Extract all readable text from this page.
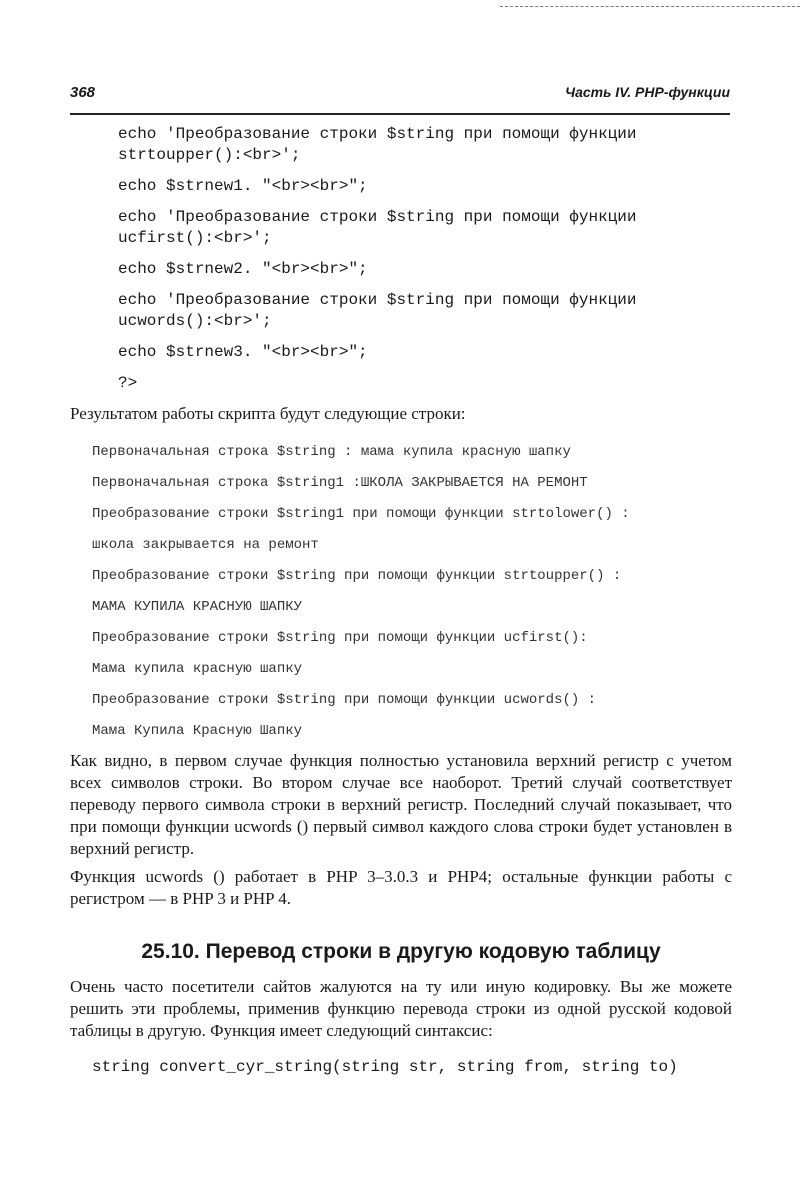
368	Часть IV. PHP-функции
echo 'Преобразование строки $string при помощи функции strtoupper():<br>';
echo $strnew1. "<br><br>";
echo 'Преобразование строки $string при помощи функции ucfirst():<br>';
echo $strnew2. "<br><br>";
echo 'Преобразование строки $string при помощи функции ucwords():<br>';
echo $strnew3. "<br><br>";
?>
Результатом работы скрипта будут следующие строки:
Первоначальная строка $string : мама купила красную шапку
Первоначальная строка $string1 :ШКОЛА ЗАКРЫВАЕТСЯ НА РЕМОНТ
Преобразование строки $string1 при помощи функции strtolower() :
школа закрывается на ремонт
Преобразование строки $string при помощи функции strtoupper() :
МАМА КУПИЛА КРАСНУЮ ШАПКУ
Преобразование строки $string при помощи функции ucfirst():
Мама купила красную шапку
Преобразование строки $string при помощи функции ucwords() :
Мама Купила Красную Шапку
Как видно, в первом случае функция полностью установила верхний регистр с учетом всех символов строки. Во втором случае все наоборот. Третий случай соответствует переводу первого символа строки в верхний регистр. Последний случай показывает, что при помощи функции ucwords () первый символ каждого слова строки будет установлен в верхний регистр.
Функция ucwords () работает в PHP 3–3.0.3 и PHP4; остальные функции работы с регистром — в PHP 3 и PHP 4.
25.10. Перевод строки в другую кодовую таблицу
Очень часто посетители сайтов жалуются на ту или иную кодировку. Вы же можете решить эти проблемы, применив функцию перевода строки из одной русской кодовой таблицы в другую. Функция имеет следующий синтаксис:
string convert_cyr_string(string str, string from, string to)
